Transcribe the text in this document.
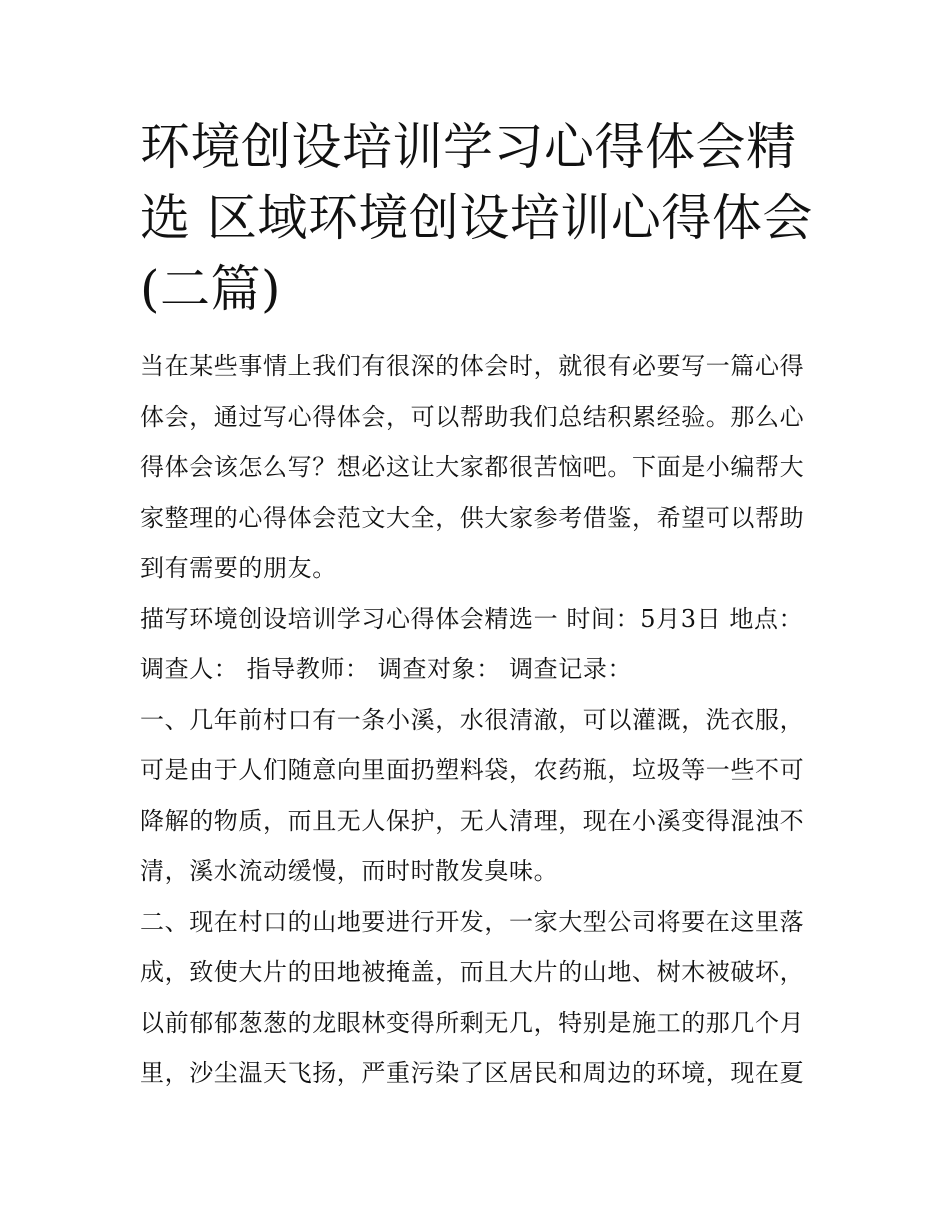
环境创设培训学习心得体会精选 区域环境创设培训心得体会(二篇)

当在某些事情上我们有很深的体会时，就很有必要写一篇心得体会，通过写心得体会，可以帮助我们总结积累经验。那么心得体会该怎么写？想必这让大家都很苦恼吧。下面是小编帮大家整理的心得体会范文大全，供大家参考借鉴，希望可以帮助到有需要的朋友。

描写环境创设培训学习心得体会精选一 时间：5月3日 地点： 调查人： 指导教师： 调查对象： 调查记录：

一、几年前村口有一条小溪，水很清澈，可以灌溉，洗衣服，可是由于人们随意向里面扔塑料袋，农药瓶，垃圾等一些不可降解的物质，而且无人保护，无人清理，现在小溪变得混浊不清，溪水流动缓慢，而时时散发臭味。

二、现在村口的山地要进行开发，一家大型公司将要在这里落成，致使大片的田地被掩盖，而且大片的山地、树木被破坏，以前郁郁葱葱的龙眼林变得所剩无几，特别是施工的那几个月里，沙尘温天飞扬，严重污染了区居民和周边的环境，现在夏
